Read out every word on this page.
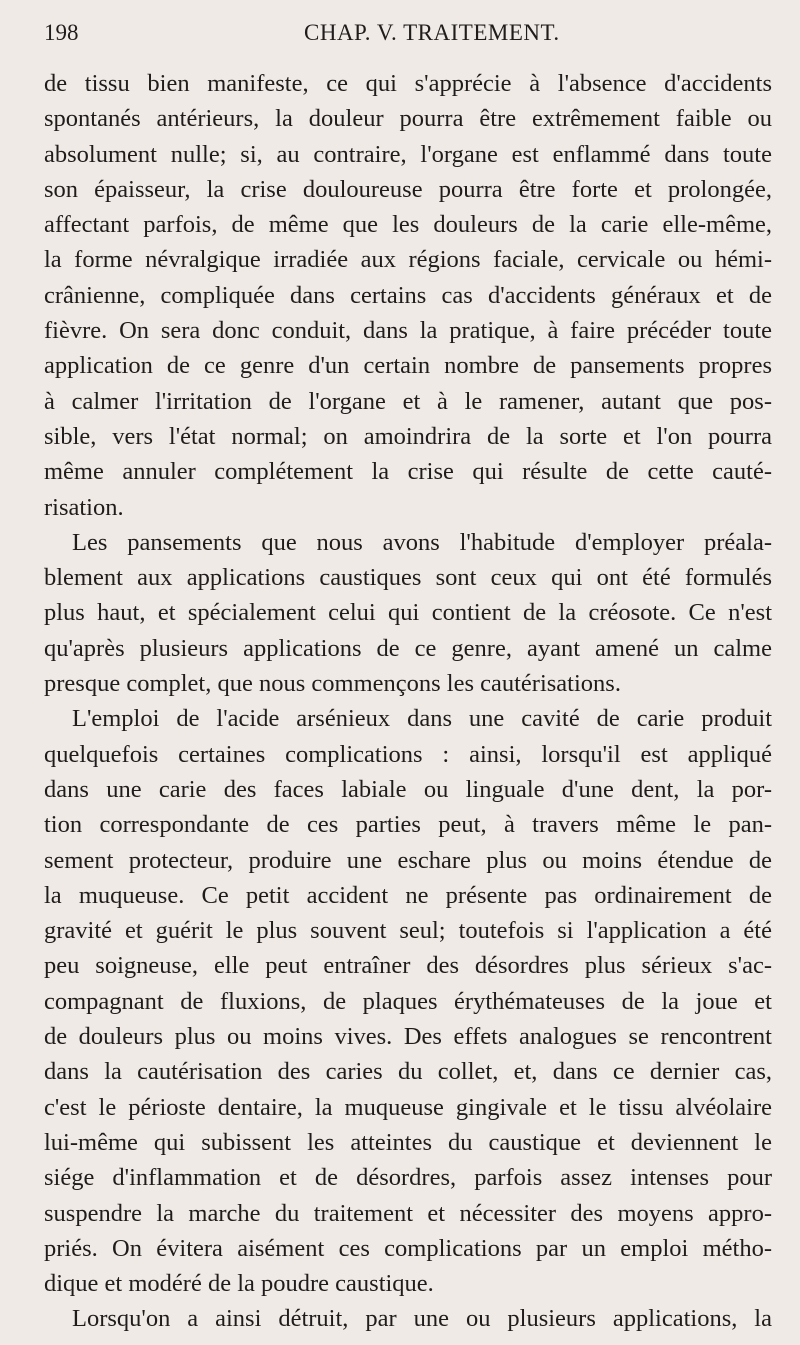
198	CHAP. V. TRAITEMENT.
de tissu bien manifeste, ce qui s'apprécie à l'absence d'accidents
spontanés antérieurs, la douleur pourra être extrêmement faible ou
absolument nulle; si, au contraire, l'organe est enflammé dans toute
son épaisseur, la crise douloureuse pourra être forte et prolongée,
affectant parfois, de même que les douleurs de la carie elle-même,
la forme névralgique irradiée aux régions faciale, cervicale ou hémi-
crânienne, compliquée dans certains cas d'accidents généraux et de
fièvre. On sera donc conduit, dans la pratique, à faire précéder toute
application de ce genre d'un certain nombre de pansements propres
à calmer l'irritation de l'organe et à le ramener, autant que pos-
sible, vers l'état normal; on amoindrira de la sorte et l'on pourra
même annuler complétement la crise qui résulte de cette cauté-
risation.
Les pansements que nous avons l'habitude d'employer préala-
blement aux applications caustiques sont ceux qui ont été formulés
plus haut, et spécialement celui qui contient de la créosote. Ce n'est
qu'après plusieurs applications de ce genre, ayant amené un calme
presque complet, que nous commençons les cautérisations.
L'emploi de l'acide arsénieux dans une cavité de carie produit
quelquefois certaines complications : ainsi, lorsqu'il est appliqué
dans une carie des faces labiale ou linguale d'une dent, la por-
tion correspondante de ces parties peut, à travers même le pan-
sement protecteur, produire une eschare plus ou moins étendue de
la muqueuse. Ce petit accident ne présente pas ordinairement de
gravité et guérit le plus souvent seul; toutefois si l'application a été
peu soigneuse, elle peut entraîner des désordres plus sérieux s'ac-
compagnant de fluxions, de plaques érythémateuses de la joue et
de douleurs plus ou moins vives. Des effets analogues se rencontrent
dans la cautérisation des caries du collet, et, dans ce dernier cas,
c'est le périoste dentaire, la muqueuse gingivale et le tissu alvéolaire
lui-même qui subissent les atteintes du caustique et deviennent le
siége d'inflammation et de désordres, parfois assez intenses pour
suspendre la marche du traitement et nécessiter des moyens appro-
priés. On évitera aisément ces complications par un emploi métho-
dique et modéré de la poudre caustique.
Lorsqu'on a ainsi détruit, par une ou plusieurs applications, la
